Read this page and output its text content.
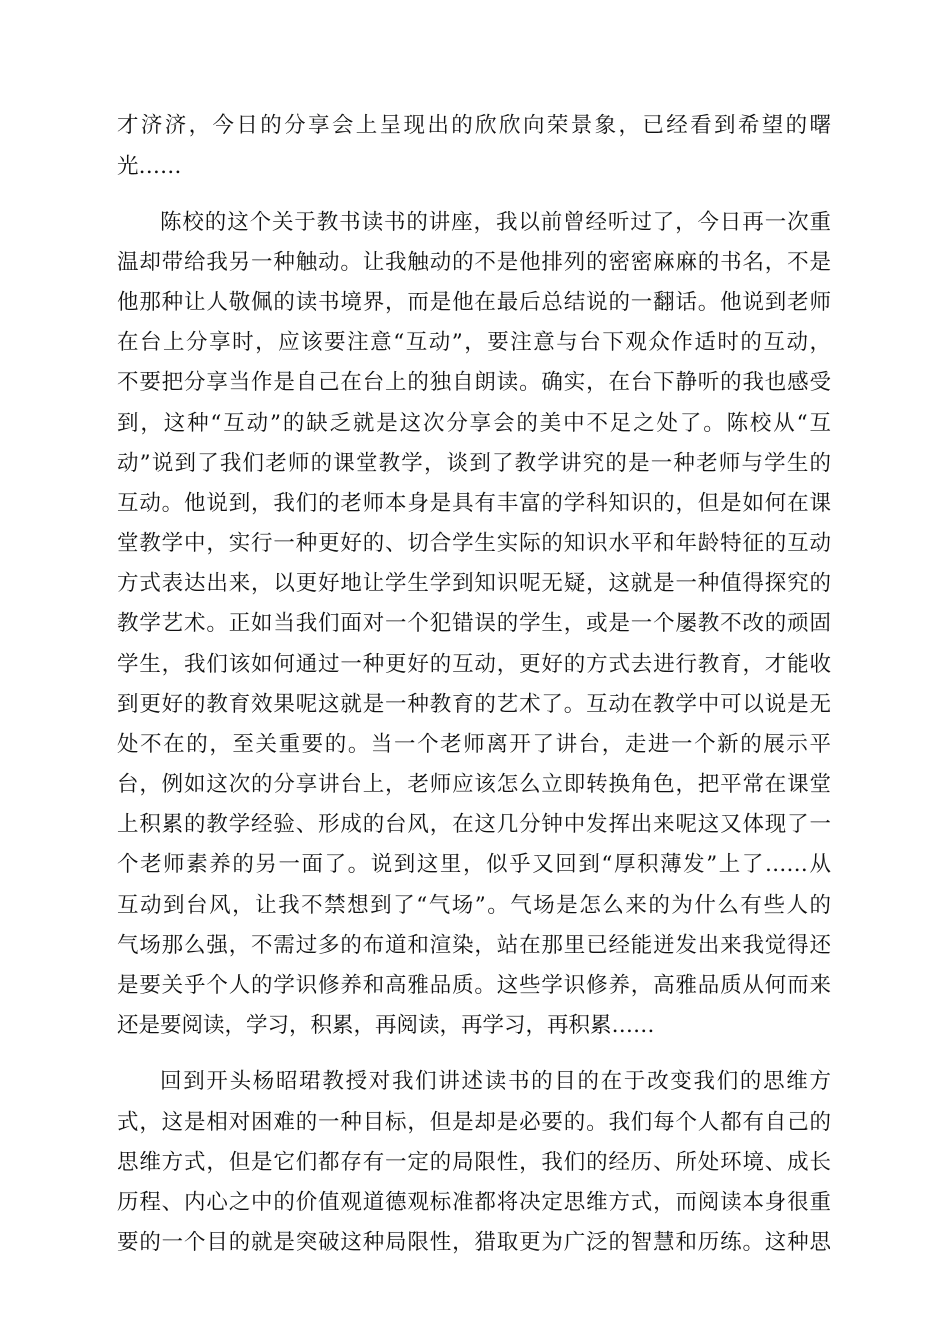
才济济，今日的分享会上呈现出的欣欣向荣景象，已经看到希望的曙
光……
陈校的这个关于教书读书的讲座，我以前曾经听过了，今日再一次重
温却带给我另一种触动。让我触动的不是他排列的密密麻麻的书名，不是
他那种让人敬佩的读书境界，而是他在最后总结说的一翻话。他说到老师
在台上分享时，应该要注意“互动”，要注意与台下观众作适时的互动，
不要把分享当作是自己在台上的独自朗读。确实，在台下静听的我也感受
到，这种“互动”的缺乏就是这次分享会的美中不足之处了。陈校从“互
动”说到了我们老师的课堂教学，谈到了教学讲究的是一种老师与学生的
互动。他说到，我们的老师本身是具有丰富的学科知识的，但是如何在课
堂教学中，实行一种更好的、切合学生实际的知识水平和年龄特征的互动
方式表达出来，以更好地让学生学到知识呢无疑，这就是一种值得探究的
教学艺术。正如当我们面对一个犯错误的学生，或是一个屡教不改的顽固
学生，我们该如何通过一种更好的互动，更好的方式去进行教育，才能收
到更好的教育效果呢这就是一种教育的艺术了。互动在教学中可以说是无
处不在的，至关重要的。当一个老师离开了讲台，走进一个新的展示平
台，例如这次的分享讲台上，老师应该怎么立即转换角色，把平常在课堂
上积累的教学经验、形成的台风，在这几分钟中发挥出来呢这又体现了一
个老师素养的另一面了。说到这里，似乎又回到“厚积薄发”上了……从
互动到台风，让我不禁想到了“气场”。气场是怎么来的为什么有些人的
气场那么强，不需过多的布道和渲染，站在那里已经能迸发出来我觉得还
是要关乎个人的学识修养和高雅品质。这些学识修养，高雅品质从何而来
还是要阅读，学习，积累，再阅读，再学习，再积累……
回到开头杨昭珺教授对我们讲述读书的目的在于改变我们的思维方
式，这是相对困难的一种目标，但是却是必要的。我们每个人都有自己的
思维方式，但是它们都存有一定的局限性，我们的经历、所处环境、成长
历程、内心之中的价值观道德观标准都将决定思维方式，而阅读本身很重
要的一个目的就是突破这种局限性，猎取更为广泛的智慧和历练。这种思
